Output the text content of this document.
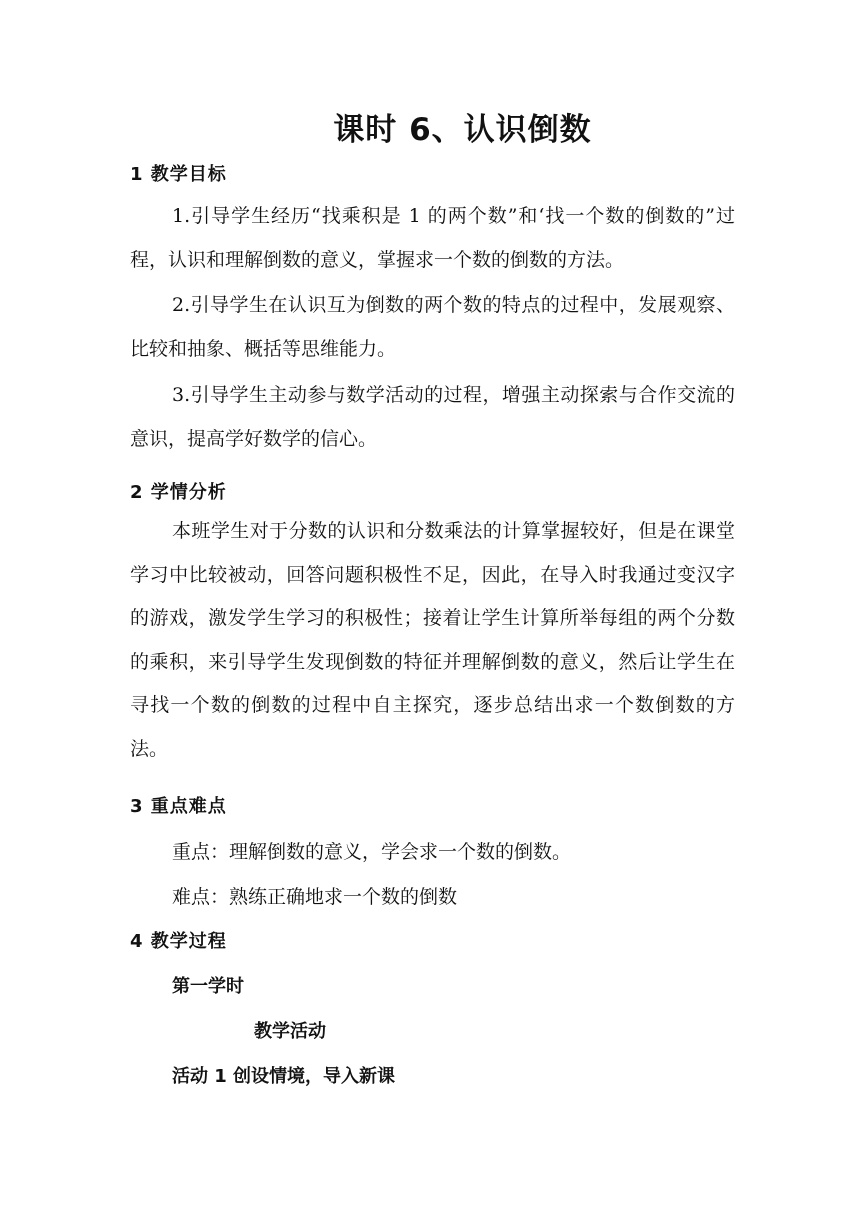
课时 6、认识倒数
1 教学目标
1.引导学生经历“找乘积是 1 的两个数”和‘找一个数的倒数的”过程，认识和理解倒数的意义，掌握求一个数的倒数的方法。
2.引导学生在认识互为倒数的两个数的特点的过程中，发展观察、比较和抽象、概括等思维能力。
3.引导学生主动参与数学活动的过程，增强主动探索与合作交流的意识，提高学好数学的信心。
2 学情分析
本班学生对于分数的认识和分数乘法的计算掌握较好，但是在课堂学习中比较被动，回答问题积极性不足，因此，在导入时我通过变汉字的游戏，激发学生学习的积极性；接着让学生计算所举每组的两个分数的乘积，来引导学生发现倒数的特征并理解倒数的意义，然后让学生在寻找一个数的倒数的过程中自主探究，逐步总结出求一个数倒数的方法。
3 重点难点
重点：理解倒数的意义，学会求一个数的倒数。
难点：熟练正确地求一个数的倒数
4 教学过程
第一学时
教学活动
活动 1 创设情境，导入新课
